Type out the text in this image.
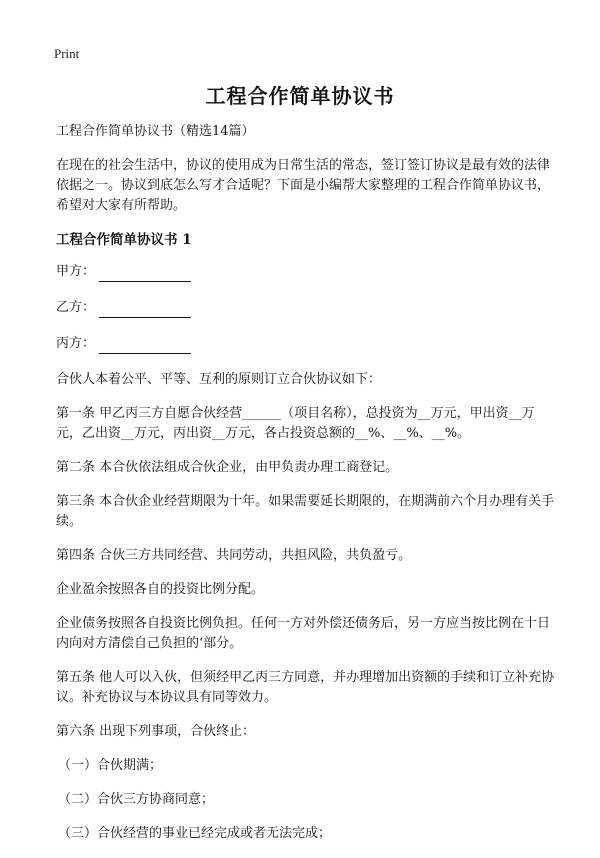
Print
工程合作简单协议书

工程合作简单协议书（精选14篇）

在现在的社会生活中，协议的使用成为日常生活的常态，签订签订协议是最有效的法律依据之一。协议到底怎么写才合适呢？下面是小编帮大家整理的工程合作简单协议书，希望对大家有所帮助。

工程合作简单协议书 1

甲方：
乙方：
丙方：

合伙人本着公平、平等、互利的原则订立合伙协议如下：

第一条 甲乙丙三方自愿合伙经营______（项目名称），总投资为__万元，甲出资__万元，乙出资__万元，丙出资__万元，各占投资总额的__%、__%、__%。

第二条 本合伙依法组成合伙企业，由甲负责办理工商登记。

第三条 本合伙企业经营期限为十年。如果需要延长期限的，在期满前六个月办理有关手续。

第四条 合伙三方共同经营、共同劳动，共担风险，共负盈亏。

企业盈余按照各自的投资比例分配。

企业债务按照各自投资比例负担。任何一方对外偿还债务后，另一方应当按比例在十日内向对方清偿自己负担的‘部分。

第五条 他人可以入伙，但须经甲乙丙三方同意，并办理增加出资额的手续和订立补充协议。补充协议与本协议具有同等效力。

第六条 出现下列事项，合伙终止：

（一）合伙期满；

（二）合伙三方协商同意；

（三）合伙经营的事业已经完成或者无法完成；
